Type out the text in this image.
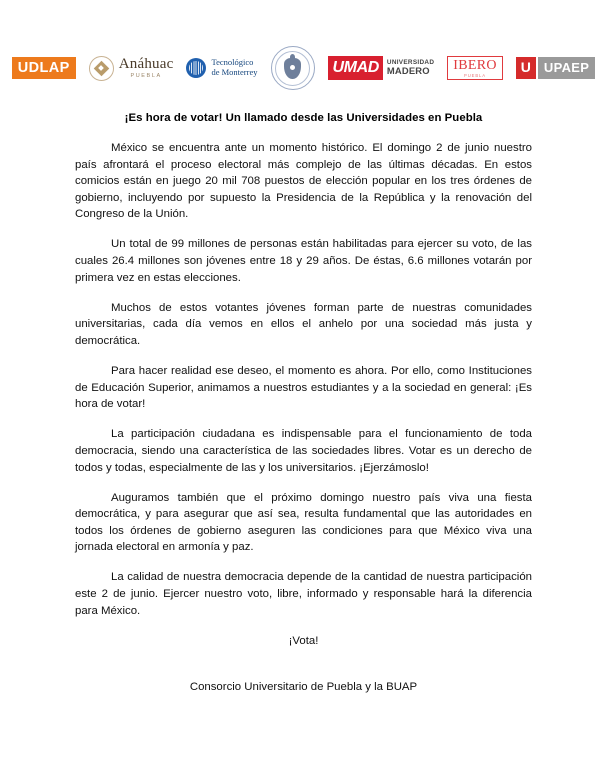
UDLAP	Anáhuac
PUEBLA
Tecnológico
de Monterrey	UMAD	UNIVERSIDAD
MADERO	IBERO
PUEBLA
U	UPAEP
¡Es hora de votar! Un llamado desde las Universidades en Puebla

México se encuentra ante un momento histórico. El domingo 2 de junio nuestro país afrontará el proceso electoral más complejo de las últimas décadas. En estos comicios están en juego 20 mil 708 puestos de elección popular en los tres órdenes de gobierno, incluyendo por supuesto la Presidencia de la República y la renovación del Congreso de la Unión.

Un total de 99 millones de personas están habilitadas para ejercer su voto, de las cuales 26.4 millones son jóvenes entre 18 y 29 años. De éstas, 6.6 millones votarán por primera vez en estas elecciones.

Muchos de estos votantes jóvenes forman parte de nuestras comunidades universitarias, cada día vemos en ellos el anhelo por una sociedad más justa y democrática.

Para hacer realidad ese deseo, el momento es ahora. Por ello, como Instituciones de Educación Superior, animamos a nuestros estudiantes y a la sociedad en general: ¡Es hora de votar!

La participación ciudadana es indispensable para el funcionamiento de toda democracia, siendo una característica de las sociedades libres. Votar es un derecho de todos y todas, especialmente de las y los universitarios. ¡Ejerzámoslo!

Auguramos también que el próximo domingo nuestro país viva una fiesta democrática, y para asegurar que así sea, resulta fundamental que las autoridades en todos los órdenes de gobierno aseguren las condiciones para que México viva una jornada electoral en armonía y paz.

La calidad de nuestra democracia depende de la cantidad de nuestra participación este 2 de junio. Ejercer nuestro voto, libre, informado y responsable hará la diferencia para México.

¡Vota!

Consorcio Universitario de Puebla y la BUAP
